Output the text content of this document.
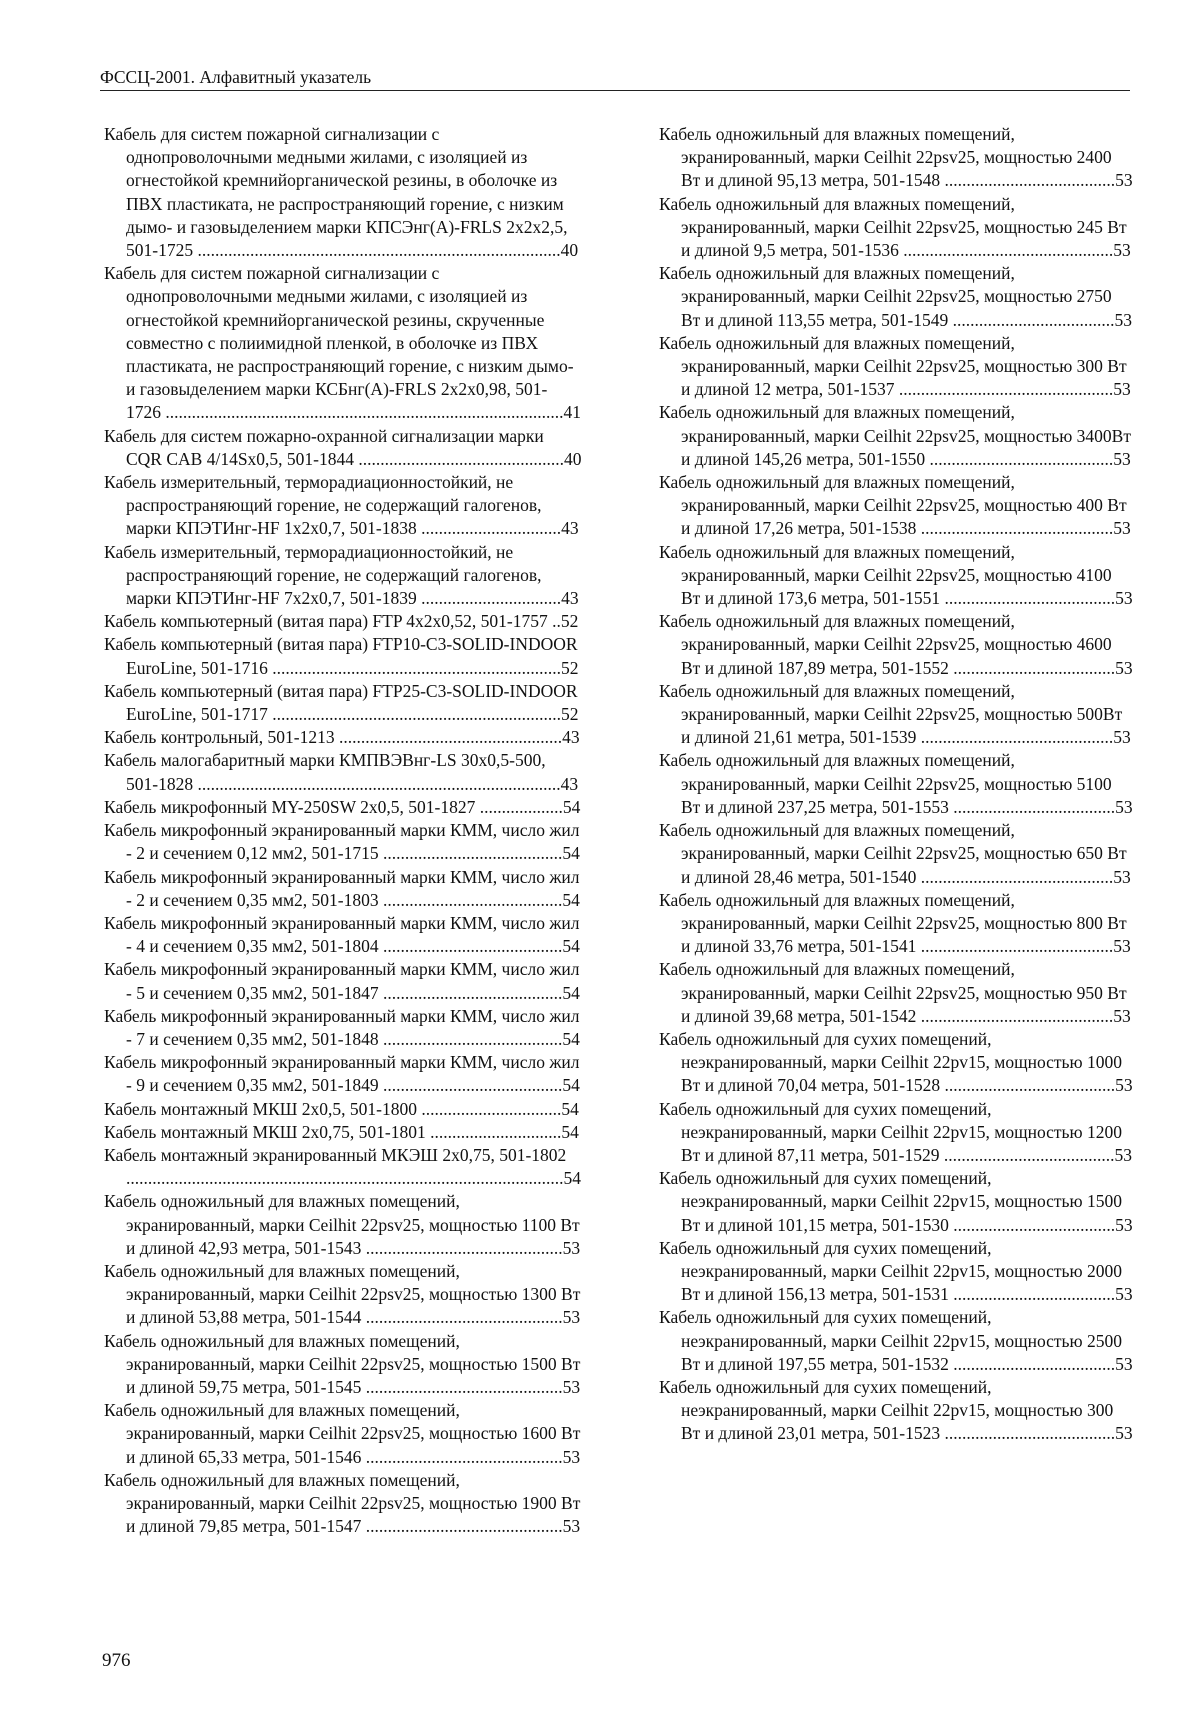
ФССЦ-2001. Алфавитный указатель
Кабель для систем пожарной сигнализации с однопроволочными медными жилами, с изоляцией из огнестойкой кремнийорганической резины, в оболочке из ПВХ пластиката, не распространяющий горение, с низким дымо- и газовыделением марки КПСЭнг(А)-FRLS 2х2х2,5, 501-1725 ...................................................................................40
Кабель для систем пожарной сигнализации с однопроволочными медными жилами, с изоляцией из огнестойкой кремнийорганической резины, скрученные совместно с полиимидной пленкой, в оболочке из ПВХ пластиката, не распространяющий горение, с низким дымо- и газовыделением марки КСБнг(А)-FRLS 2х2х0,98, 501-1726 ...........................................................................................41
Кабель для систем пожарно-охранной сигнализации марки CQR CAB 4/14Sx0,5, 501-1844 ...............................................40
Кабель измерительный, терморадиационностойкий, не распространяющий горение, не содержащий галогенов, марки КПЭТИнг-HF 1х2х0,7, 501-1838 ................................43
Кабель измерительный, терморадиационностойкий, не распространяющий горение, не содержащий галогенов, марки КПЭТИнг-HF 7х2х0,7, 501-1839 ................................43
Кабель компьютерный (витая пара) FTP 4х2х0,52, 501-1757 ..52
Кабель компьютерный (витая пара) FTP10-C3-SOLID-INDOOR EuroLine, 501-1716 ..................................................................52
Кабель компьютерный (витая пара) FTP25-C3-SOLID-INDOOR EuroLine, 501-1717 ..................................................................52
Кабель контрольный, 501-1213 ...................................................43
Кабель малогабаритный марки КМПВЭВнг-LS 30х0,5-500, 501-1828 ...................................................................................43
Кабель микрофонный MY-250SW 2х0,5, 501-1827 ...................54
Кабель микрофонный экранированный марки КММ, число жил - 2 и сечением 0,12 мм2, 501-1715 .........................................54
Кабель микрофонный экранированный марки КММ, число жил - 2 и сечением 0,35 мм2, 501-1803 .........................................54
Кабель микрофонный экранированный марки КММ, число жил - 4 и сечением 0,35 мм2, 501-1804 .........................................54
Кабель микрофонный экранированный марки КММ, число жил - 5 и сечением 0,35 мм2, 501-1847 .........................................54
Кабель микрофонный экранированный марки КММ, число жил - 7 и сечением 0,35 мм2, 501-1848 .........................................54
Кабель микрофонный экранированный марки КММ, число жил - 9 и сечением 0,35 мм2, 501-1849 .........................................54
Кабель монтажный МКШ 2х0,5, 501-1800 ................................54
Кабель монтажный МКШ 2х0,75, 501-1801 ..............................54
Кабель монтажный экранированный МКЭШ 2х0,75, 501-1802 ....................................................................................................54
Кабель одножильный для влажных помещений, экранированный, марки Ceilhit 22psv25, мощностью 1100 Вт и длиной 42,93 метра, 501-1543 .............................................53
Кабель одножильный для влажных помещений, экранированный, марки Ceilhit 22psv25, мощностью 1300 Вт и длиной 53,88 метра, 501-1544 .............................................53
Кабель одножильный для влажных помещений, экранированный, марки Ceilhit 22psv25, мощностью 1500 Вт и длиной 59,75 метра, 501-1545 .............................................53
Кабель одножильный для влажных помещений, экранированный, марки Ceilhit 22psv25, мощностью 1600 Вт и длиной 65,33 метра, 501-1546 .............................................53
Кабель одножильный для влажных помещений, экранированный, марки Ceilhit 22psv25, мощностью 1900 Вт и длиной 79,85 метра, 501-1547 .............................................53
Кабель одножильный для влажных помещений, экранированный, марки Ceilhit 22psv25, мощностью 2400 Вт и длиной 95,13 метра, 501-1548 .......................................53
Кабель одножильный для влажных помещений, экранированный, марки Ceilhit 22psv25, мощностью 245 Вт и длиной 9,5 метра, 501-1536 ................................................53
Кабель одножильный для влажных помещений, экранированный, марки Ceilhit 22psv25, мощностью 2750 Вт и длиной 113,55 метра, 501-1549 .....................................53
Кабель одножильный для влажных помещений, экранированный, марки Ceilhit 22psv25, мощностью 300 Вт и длиной 12 метра, 501-1537 .................................................53
Кабель одножильный для влажных помещений, экранированный, марки Ceilhit 22psv25, мощностью 3400Вт и длиной 145,26 метра, 501-1550 ..........................................53
Кабель одножильный для влажных помещений, экранированный, марки Ceilhit 22psv25, мощностью 400 Вт и длиной 17,26 метра, 501-1538 ............................................53
Кабель одножильный для влажных помещений, экранированный, марки Ceilhit 22psv25, мощностью 4100 Вт и длиной 173,6 метра, 501-1551 .......................................53
Кабель одножильный для влажных помещений, экранированный, марки Ceilhit 22psv25, мощностью 4600 Вт и длиной 187,89 метра, 501-1552 .....................................53
Кабель одножильный для влажных помещений, экранированный, марки Ceilhit 22psv25, мощностью 500Вт и длиной 21,61 метра, 501-1539 ............................................53
Кабель одножильный для влажных помещений, экранированный, марки Ceilhit 22psv25, мощностью 5100 Вт и длиной 237,25 метра, 501-1553 .....................................53
Кабель одножильный для влажных помещений, экранированный, марки Ceilhit 22psv25, мощностью 650 Вт и длиной 28,46 метра, 501-1540 ............................................53
Кабель одножильный для влажных помещений, экранированный, марки Ceilhit 22psv25, мощностью 800 Вт и длиной 33,76 метра, 501-1541 ............................................53
Кабель одножильный для влажных помещений, экранированный, марки Ceilhit 22psv25, мощностью 950 Вт и длиной 39,68 метра, 501-1542 ............................................53
Кабель одножильный для сухих помещений, неэкранированный, марки Ceilhit 22pv15, мощностью 1000 Вт и длиной 70,04 метра, 501-1528 .......................................53
Кабель одножильный для сухих помещений, неэкранированный, марки Ceilhit 22pv15, мощностью 1200 Вт и длиной 87,11 метра, 501-1529 .......................................53
Кабель одножильный для сухих помещений, неэкранированный, марки Ceilhit 22pv15, мощностью 1500 Вт и длиной 101,15 метра, 501-1530 .....................................53
Кабель одножильный для сухих помещений, неэкранированный, марки Ceilhit 22pv15, мощностью 2000 Вт и длиной 156,13 метра, 501-1531 .....................................53
Кабель одножильный для сухих помещений, неэкранированный, марки Ceilhit 22pv15, мощностью 2500 Вт и длиной 197,55 метра, 501-1532 .....................................53
Кабель одножильный для сухих помещений, неэкранированный, марки Ceilhit 22pv15, мощностью 300 Вт и длиной 23,01 метра, 501-1523 .......................................53
976
